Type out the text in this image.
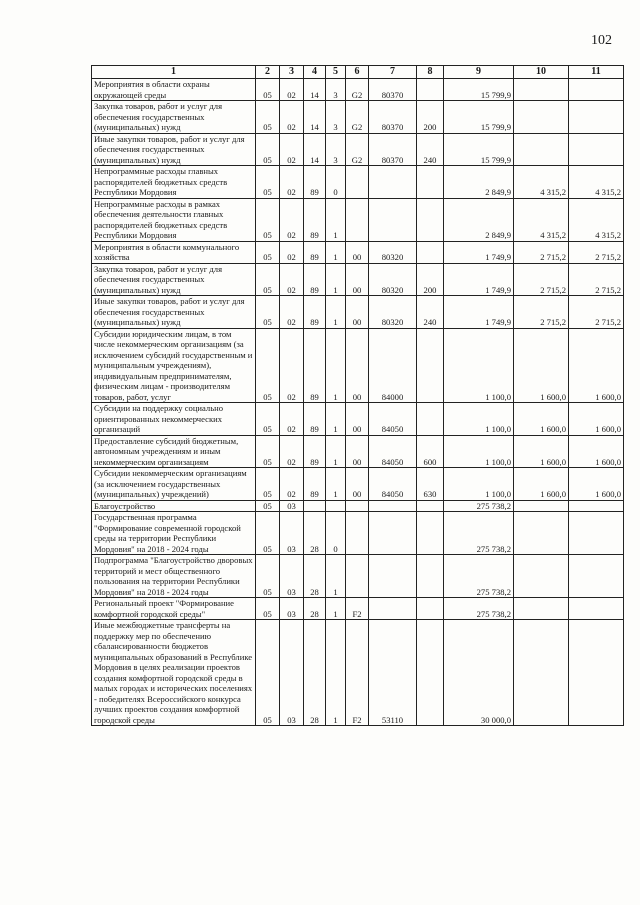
102
1	2	3	4	5	6	7	8	9	10	11
Мероприятия в области охраны окружающей среды	05	02	14	3	G2	80370		15 799,9		
Закупка товаров, работ и услуг для обеспечения государственных (муниципальных) нужд	05	02	14	3	G2	80370	200	15 799,9		
Иные закупки товаров, работ и услуг для обеспечения государственных (муниципальных) нужд	05	02	14	3	G2	80370	240	15 799,9		
Непрограммные расходы главных распорядителей бюджетных средств Республики Мордовия	05	02	89	0				2 849,9	4 315,2	4 315,2
Непрограммные расходы в рамках обеспечения деятельности главных распорядителей бюджетных средств Республики Мордовия	05	02	89	1				2 849,9	4 315,2	4 315,2
Мероприятия в области коммунального хозяйства	05	02	89	1	00	80320		1 749,9	2 715,2	2 715,2
Закупка товаров, работ и услуг для обеспечения государственных (муниципальных) нужд	05	02	89	1	00	80320	200	1 749,9	2 715,2	2 715,2
Иные закупки товаров, работ и услуг для обеспечения государственных (муниципальных) нужд	05	02	89	1	00	80320	240	1 749,9	2 715,2	2 715,2
Субсидии юридическим лицам, в том числе некоммерческим организациям (за исключением субсидий государственным и муниципальным учреждениям), индивидуальным предпринимателям, физическим лицам - производителям товаров, работ, услуг	05	02	89	1	00	84000		1 100,0	1 600,0	1 600,0
Субсидии на поддержку социально ориентированных некоммерческих организаций	05	02	89	1	00	84050		1 100,0	1 600,0	1 600,0
Предоставление субсидий бюджетным, автономным учреждениям и иным некоммерческим организациям	05	02	89	1	00	84050	600	1 100,0	1 600,0	1 600,0
Субсидии некоммерческим организациям (за исключением государственных (муниципальных) учреждений)	05	02	89	1	00	84050	630	1 100,0	1 600,0	1 600,0
Благоустройство	05	03						275 738,2		
Государственная программа "Формирование современной городской среды на территории Республики Мордовия" на 2018 - 2024 годы	05	03	28	0				275 738,2		
Подпрограмма "Благоустройство дворовых территорий и мест общественного пользования на территории Республики Мордовия" на 2018 - 2024 годы	05	03	28	1				275 738,2		
Региональный проект "Формирование комфортной городской среды"	05	03	28	1	F2			275 738,2		
Иные межбюджетные трансферты на поддержку мер по обеспечению сбалансированности бюджетов муниципальных образований в Республике Мордовия в целях реализации проектов создания комфортной городской среды в малых городах и исторических поселениях - победителях Всероссийского конкурса лучших проектов создания комфортной городской среды	05	03	28	1	F2	53110		30 000,0		
